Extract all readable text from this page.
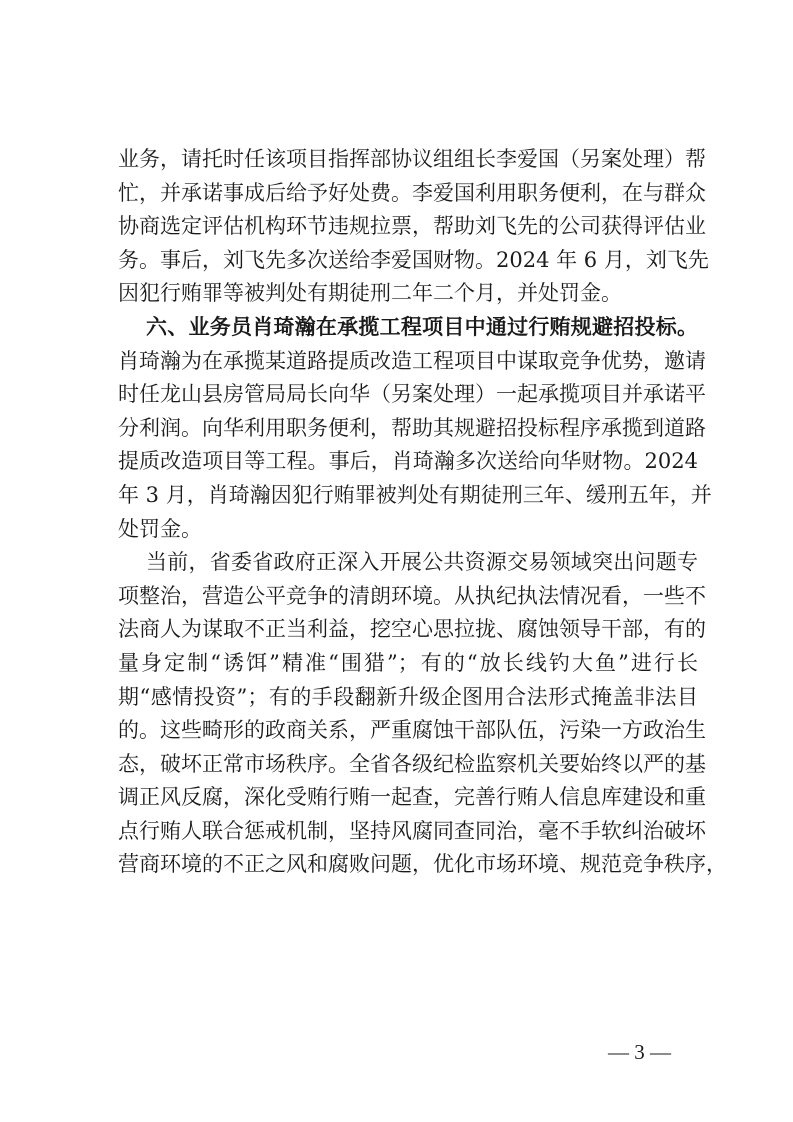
业务，请托时任该项目指挥部协议组组长李爱国（另案处理）帮
忙，并承诺事成后给予好处费。李爱国利用职务便利，在与群众
协商选定评估机构环节违规拉票，帮助刘飞先的公司获得评估业
务。事后，刘飞先多次送给李爱国财物。2024 年 6 月，刘飞先
因犯行贿罪等被判处有期徒刑二年二个月，并处罚金。
六、业务员肖琦瀚在承揽工程项目中通过行贿规避招投标。
肖琦瀚为在承揽某道路提质改造工程项目中谋取竞争优势，邀请
时任龙山县房管局局长向华（另案处理）一起承揽项目并承诺平
分利润。向华利用职务便利，帮助其规避招投标程序承揽到道路
提质改造项目等工程。事后，肖琦瀚多次送给向华财物。2024
年 3 月，肖琦瀚因犯行贿罪被判处有期徒刑三年、缓刑五年，并
处罚金。
当前，省委省政府正深入开展公共资源交易领域突出问题专
项整治，营造公平竞争的清朗环境。从执纪执法情况看，一些不
法商人为谋取不正当利益，挖空心思拉拢、腐蚀领导干部，有的
量身定制“诱饵”精准“围猎”；有的“放长线钓大鱼”进行长
期“感情投资”；有的手段翻新升级企图用合法形式掩盖非法目
的。这些畸形的政商关系，严重腐蚀干部队伍，污染一方政治生
态，破坏正常市场秩序。全省各级纪检监察机关要始终以严的基
调正风反腐，深化受贿行贿一起查，完善行贿人信息库建设和重
点行贿人联合惩戒机制，坚持风腐同查同治，毫不手软纠治破坏
营商环境的不正之风和腐败问题，优化市场环境、规范竞争秩序，
— 3 —
